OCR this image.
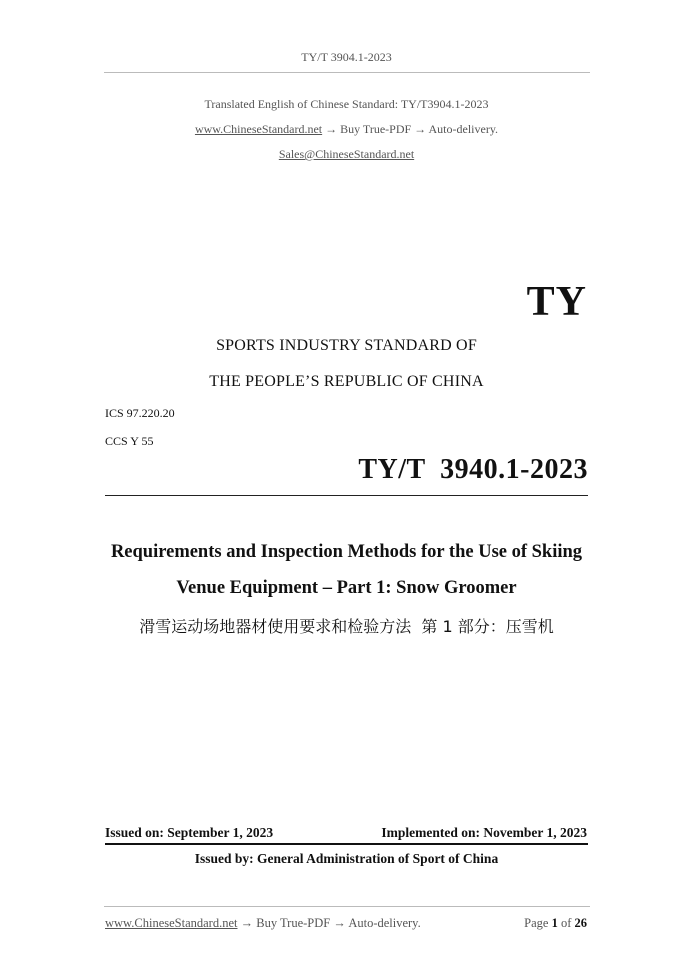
TY/T 3904.1-2023
Translated English of Chinese Standard: TY/T3904.1-2023
www.ChineseStandard.net → Buy True-PDF → Auto-delivery.
Sales@ChineseStandard.net
TY
SPORTS INDUSTRY STANDARD OF
THE PEOPLE’S REPUBLIC OF CHINA
ICS 97.220.20
CCS Y 55
TY/T  3940.1-2023
Requirements and Inspection Methods for the Use of Skiing
Venue Equipment – Part 1: Snow Groomer
滑雪运动场地器材使用要求和检验方法  第 1 部分：压雪机
Issued on: September 1, 2023	Implemented on: November 1, 2023
Issued by: General Administration of Sport of China
www.ChineseStandard.net → Buy True-PDF → Auto-delivery.	Page 1 of 26
